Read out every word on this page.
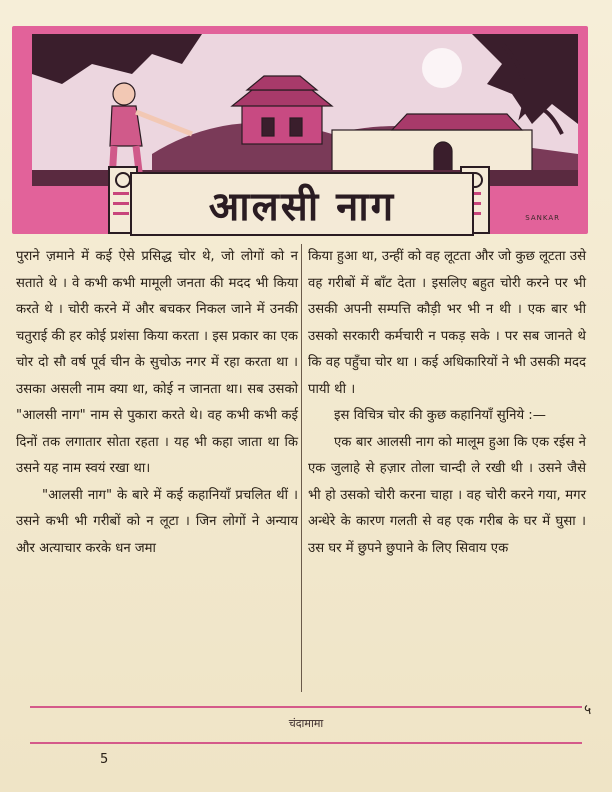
आलसी नाग	SANKAR

पुराने ज़माने में कई ऐसे प्रसिद्ध चोर थे, जो लोगों को न सताते थे । वे कभी कभी मामूली जनता की मदद भी किया करते थे । चोरी करने में और बचकर निकल जाने में उनकी चतुराई की हर कोई प्रशंसा किया करता । इस प्रकार का एक चोर दो सौ वर्ष पूर्व चीन के सुचोऊ नगर में रहा करता था । उसका असली नाम क्या था, कोई न जानता था। सब उसको "आलसी नाग" नाम से पुकारा करते थे। वह कभी कभी कई दिनों तक लगातार सोता रहता । यह भी कहा जाता था कि उसने यह नाम स्वयं रखा था।

"आलसी नाग" के बारे में कई कहानियाँ प्रचलित थीं । उसने कभी भी गरीबों को न लूटा । जिन लोगों ने अन्याय और अत्याचार करके धन जमा

किया हुआ था, उन्हीं को वह लूटता और जो कुछ लूटता उसे वह गरीबों में बाँट देता । इसलिए बहुत चोरी करने पर भी उसकी अपनी सम्पत्ति कौड़ी भर भी न थी । एक बार भी उसको सरकारी कर्मचारी न पकड़ सके । पर सब जानते थे कि वह पहुँचा चोर था । कई अधिकारियों ने भी उसकी मदद पायी थी ।

इस विचित्र चोर की कुछ कहानियाँ सुनिये :—

एक बार आलसी नाग को मालूम हुआ कि एक रईस ने एक जुलाहे से हज़ार तोला चान्दी ले रखी थी । उसने जैसे भी हो उसको चोरी करना चाहा । वह चोरी करने गया, मगर अन्धेरे के कारण गलती से वह एक गरीब के घर में घुसा । उस घर में छुपने छुपाने के लिए सिवाय एक

चंदामामा
5
५
